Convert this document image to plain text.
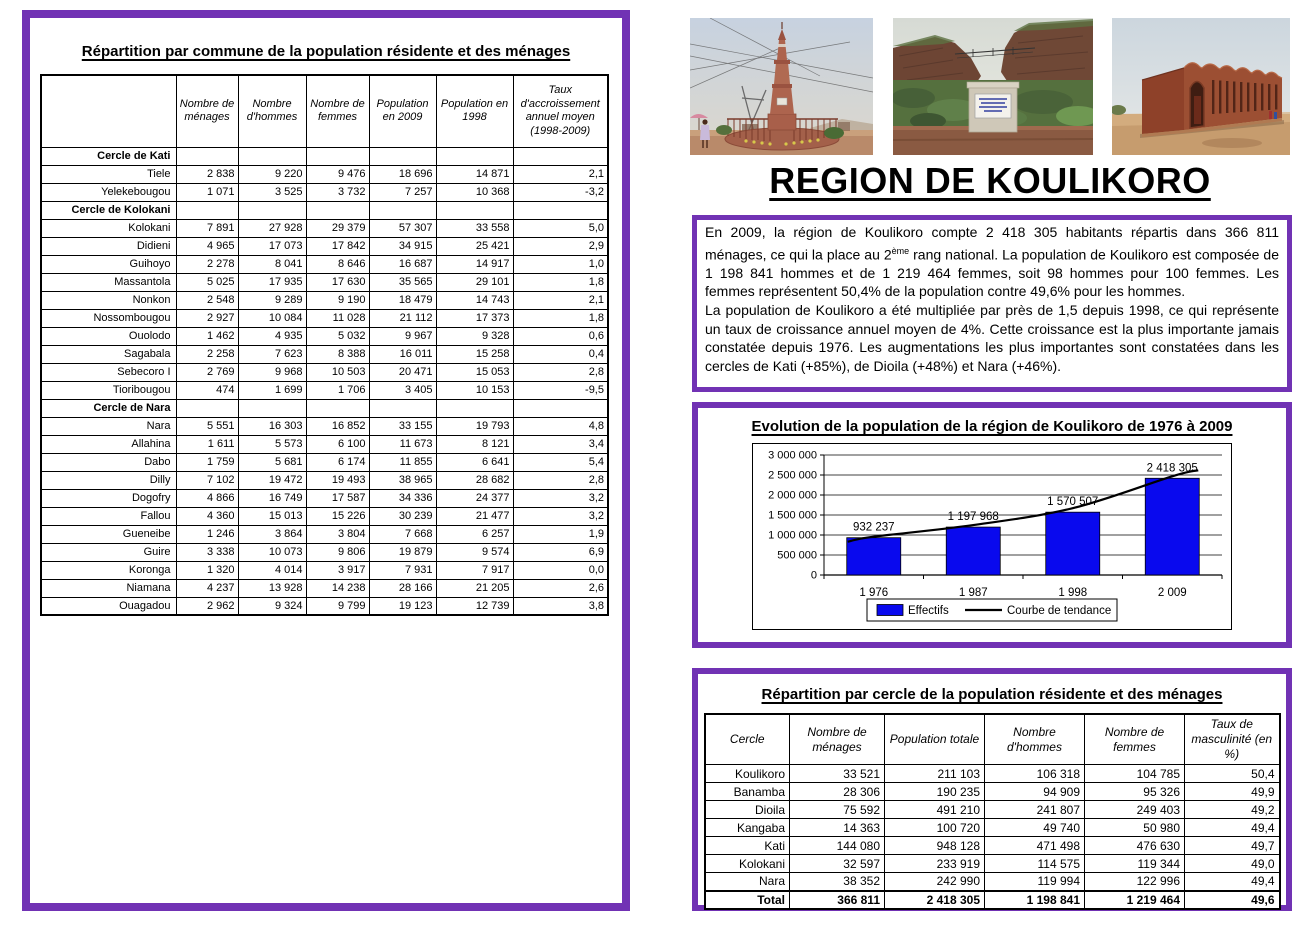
Répartition par commune de la population résidente et des ménages
	Nombre de ménages	Nombre d'hommes	Nombre de femmes	Population en 2009	Population en 1998	Taux d'accroissement annuel moyen (1998-2009)
Cercle de Kati						
Tiele	2 838	9 220	9 476	18 696	14 871	2,1
Yelekebougou	1 071	3 525	3 732	7 257	10 368	-3,2
Cercle de Kolokani						
Kolokani	7 891	27 928	29 379	57 307	33 558	5,0
Didieni	4 965	17 073	17 842	34 915	25 421	2,9
Guihoyo	2 278	8 041	8 646	16 687	14 917	1,0
Massantola	5 025	17 935	17 630	35 565	29 101	1,8
Nonkon	2 548	9 289	9 190	18 479	14 743	2,1
Nossombougou	2 927	10 084	11 028	21 112	17 373	1,8
Ouolodo	1 462	4 935	5 032	9 967	9 328	0,6
Sagabala	2 258	7 623	8 388	16 011	15 258	0,4
Sebecoro I	2 769	9 968	10 503	20 471	15 053	2,8
Tioribougou	474	1 699	1 706	3 405	10 153	-9,5
Cercle de Nara						
Nara	5 551	16 303	16 852	33 155	19 793	4,8
Allahina	1 611	5 573	6 100	11 673	8 121	3,4
Dabo	1 759	5 681	6 174	11 855	6 641	5,4
Dilly	7 102	19 472	19 493	38 965	28 682	2,8
Dogofry	4 866	16 749	17 587	34 336	24 377	3,2
Fallou	4 360	15 013	15 226	30 239	21 477	3,2
Gueneibe	1 246	3 864	3 804	7 668	6 257	1,9
Guire	3 338	10 073	9 806	19 879	9 574	6,9
Koronga	1 320	4 014	3 917	7 931	7 917	0,0
Niamana	4 237	13 928	14 238	28 166	21 205	2,6
Ouagadou	2 962	9 324	9 799	19 123	12 739	3,8
REGION DE KOULIKORO
En 2009, la région de Koulikoro compte 2 418 305 habitants répartis dans 366 811 ménages, ce qui la place au 2ème rang national. La population de Koulikoro est composée de 1 198 841 hommes et de 1 219 464 femmes, soit 98 hommes pour 100 femmes. Les femmes représentent 50,4% de la population contre 49,6% pour les hommes.
La population de Koulikoro a été multipliée par près de 1,5 depuis 1998, ce qui représente un taux de croissance annuel moyen de 4%. Cette croissance est la plus importante jamais constatée depuis 1976. Les augmentations les plus importantes sont constatées dans les cercles de Kati (+85%), de Dioila (+48%) et Nara (+46%).
Evolution de la population de la région de Koulikoro de 1976 à 2009
3 000 000
2 500 000
2 000 000
1 500 000
1 000 000
500 000
0
932 237
1 976
1 197 968
1 987
1 570 507
1 998
2 418 305
2 009
Effectifs	Courbe de tendance
Répartition par cercle de la population résidente et des ménages
Cercle	Nombre de ménages	Population totale	Nombre d'hommes	Nombre de femmes	Taux de masculinité (en %)
Koulikoro	33 521	211 103	106 318	104 785	50,4
Banamba	28 306	190 235	94 909	95 326	49,9
Dioila	75 592	491 210	241 807	249 403	49,2
Kangaba	14 363	100 720	49 740	50 980	49,4
Kati	144 080	948 128	471 498	476 630	49,7
Kolokani	32 597	233 919	114 575	119 344	49,0
Nara	38 352	242 990	119 994	122 996	49,4
Total	366 811	2 418 305	1 198 841	1 219 464	49,6
